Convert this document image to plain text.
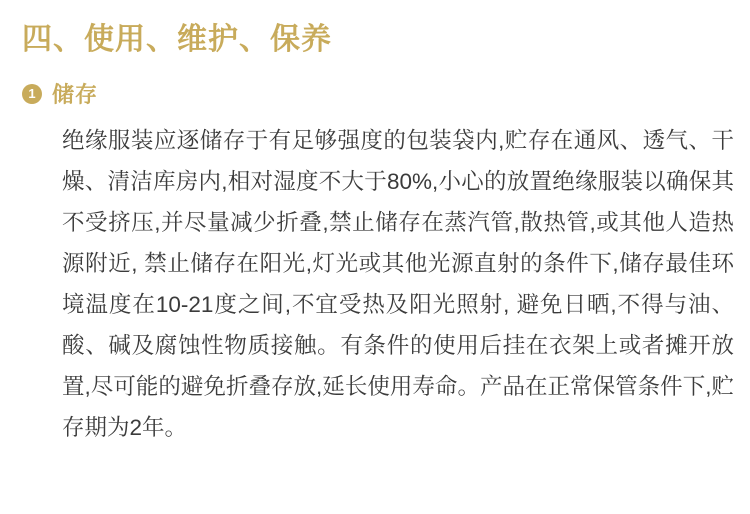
四、使用、维护、保养
1 储存
绝缘服装应逐储存于有足够强度的包装袋内,贮存在通风、透气、干燥、清洁库房内,相对湿度不大于80%,小心的放置绝缘服装以确保其不受挤压,并尽量减少折叠,禁止储存在蒸汽管,散热管,或其他人造热源附近, 禁止储存在阳光,灯光或其他光源直射的条件下,储存最佳环境温度在10-21度之间,不宜受热及阳光照射, 避免日晒,不得与油、酸、碱及腐蚀性物质接触。有条件的使用后挂在衣架上或者摊开放置,尽可能的避免折叠存放,延长使用寿命。产品在正常保管条件下,贮存期为2年。
